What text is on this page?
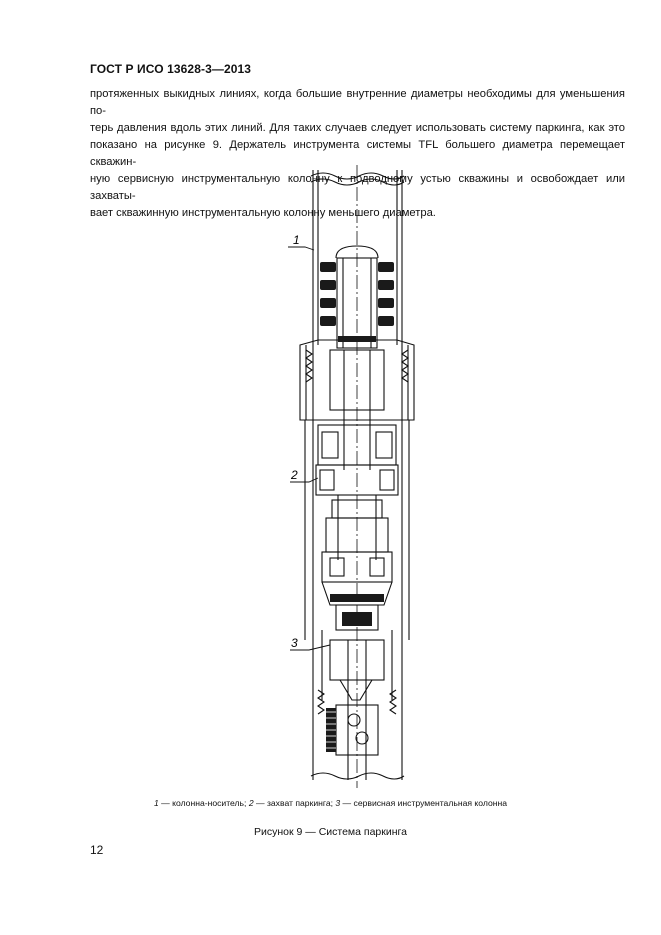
ГОСТ Р ИСО 13628-3—2013

протяженных выкидных линиях, когда большие внутренние диаметры необходимы для уменьшения по-

терь давления вдоль этих линий. Для таких случаев следует использовать систему паркинга, как это

показано на рисунке 9. Держатель инструмента системы TFL большего диаметра перемещает скважин-

ную сервисную инструментальную колонну к подводному устью скважины и освобождает или захваты-

вает скважинную инструментальную колонну меньшего диаметра.

1
2
3
1 — колонна-носитель; 2 — захват паркинга; 3 — сервисная инструментальная колонна
Рисунок 9 — Система паркинга
12
